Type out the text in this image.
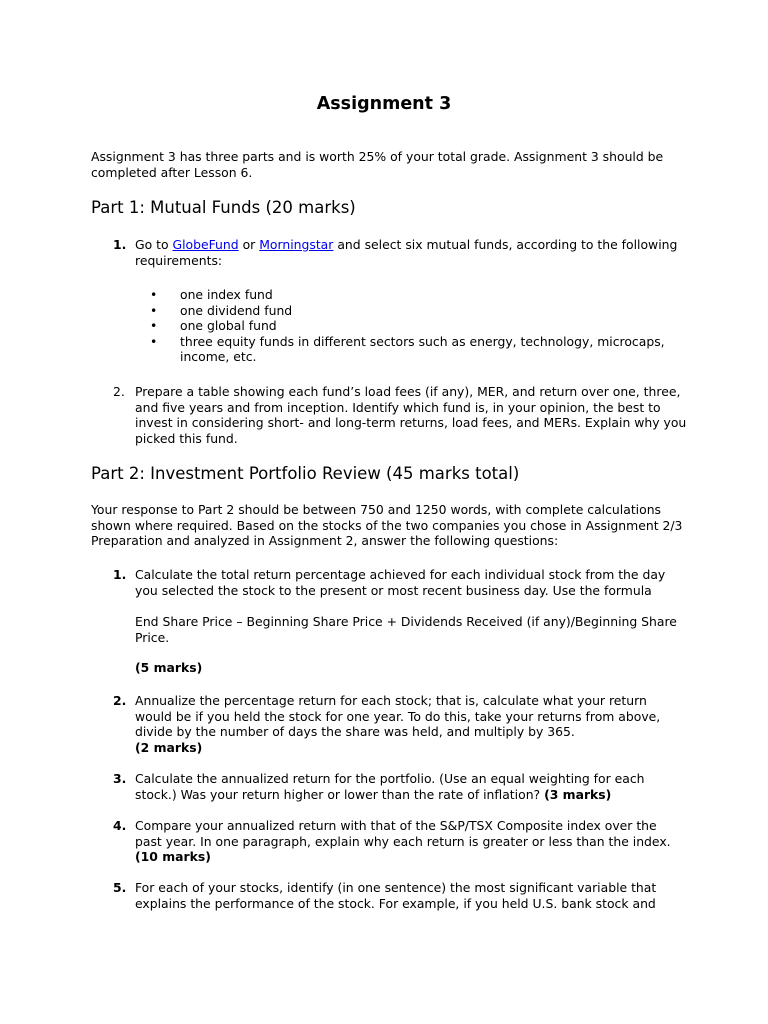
Assignment 3

Assignment 3 has three parts and is worth 25% of your total grade. Assignment 3 should be completed after Lesson 6.

Part 1: Mutual Funds (20 marks)
1. Go to GlobeFund or Morningstar and select six mutual funds, according to the following requirements:
• one index fund
• one dividend fund
• one global fund
• three equity funds in different sectors such as energy, technology, microcaps, income, etc.
2. Prepare a table showing each fund’s load fees (if any), MER, and return over one, three, and five years and from inception. Identify which fund is, in your opinion, the best to invest in considering short- and long-term returns, load fees, and MERs. Explain why you picked this fund.
Part 2: Investment Portfolio Review (45 marks total)

Your response to Part 2 should be between 750 and 1250 words, with complete calculations shown where required. Based on the stocks of the two companies you chose in Assignment 2/3 Preparation and analyzed in Assignment 2, answer the following questions:

1. Calculate the total return percentage achieved for each individual stock from the day you selected the stock to the present or most recent business day. Use the formula
End Share Price – Beginning Share Price + Dividends Received (if any)/Beginning Share Price.
(5 marks)
2. Annualize the percentage return for each stock; that is, calculate what your return would be if you held the stock for one year. To do this, take your returns from above, divide by the number of days the share was held, and multiply by 365.
(2 marks)
3. Calculate the annualized return for the portfolio. (Use an equal weighting for each stock.) Was your return higher or lower than the rate of inflation? (3 marks)
4. Compare your annualized return with that of the S&P/TSX Composite index over the past year. In one paragraph, explain why each return is greater or less than the index. (10 marks)
5. For each of your stocks, identify (in one sentence) the most significant variable that explains the performance of the stock. For example, if you held U.S. bank stock and
